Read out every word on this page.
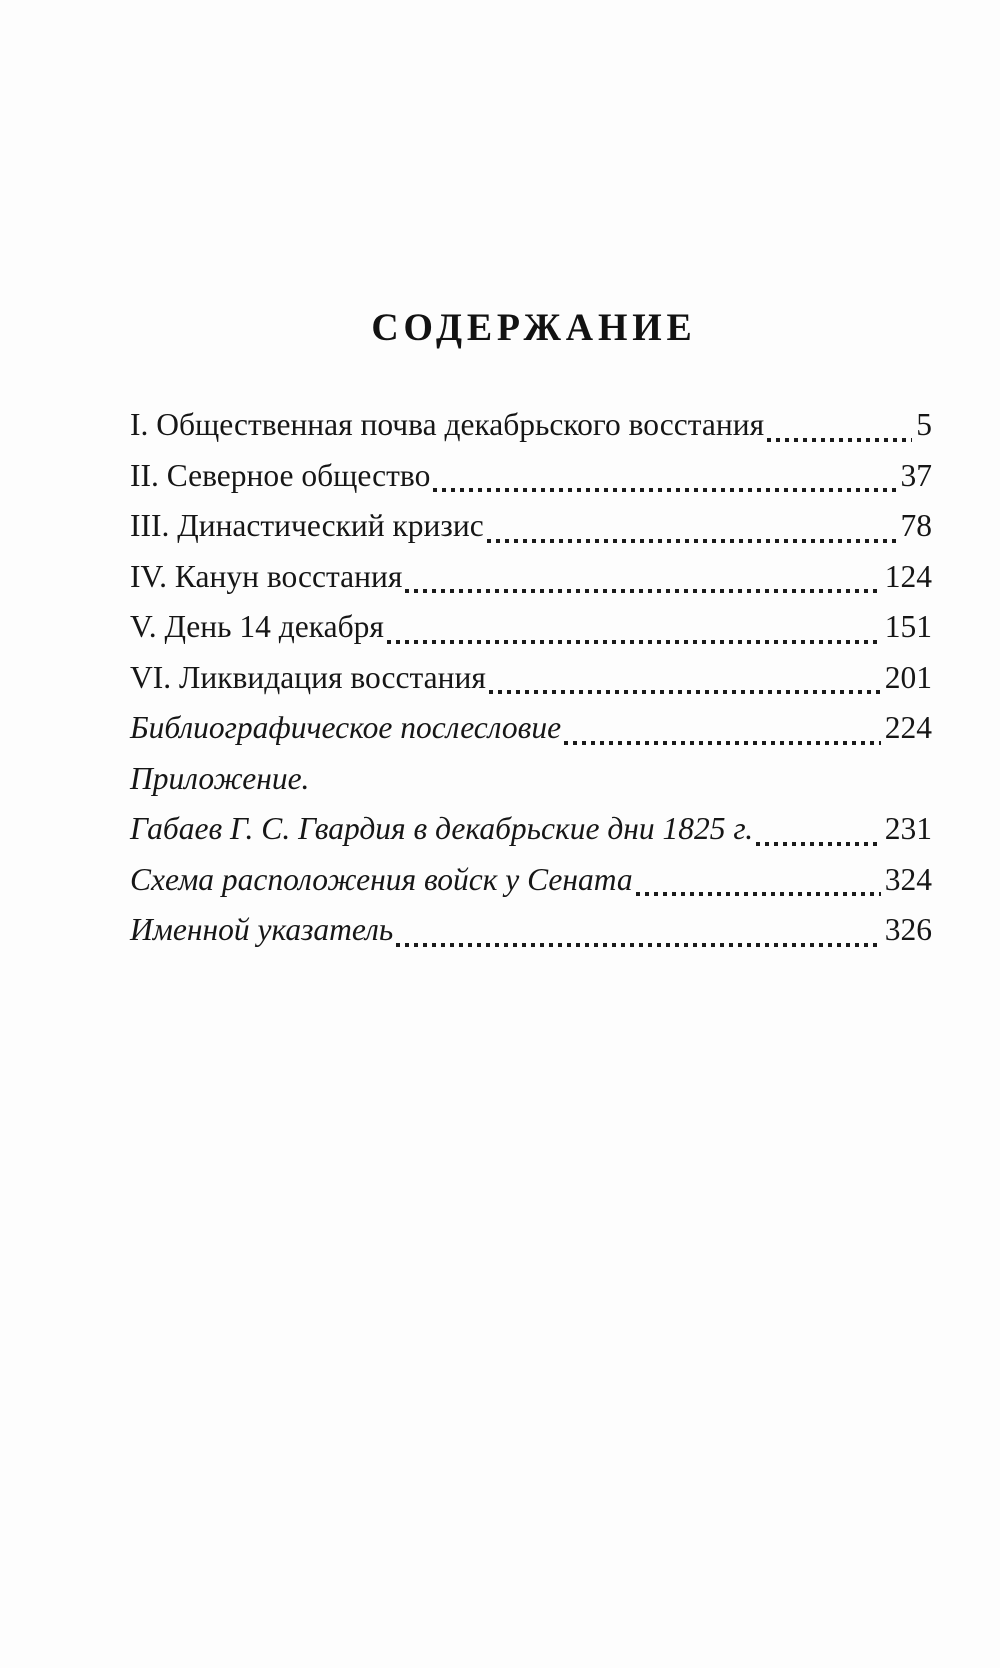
СОДЕРЖАНИЕ
I. Общественная почва декабрьского восстания	5
II. Северное общество	37
III. Династический кризис	78
IV. Канун восстания	124
V. День 14 декабря	151
VI. Ликвидация восстания	201
Библиографическое послесловие	224
Приложение.
Габаев Г. С. Гвардия в декабрьские дни 1825 г.	231
Схема расположения войск у Сената	324
Именной указатель	326
